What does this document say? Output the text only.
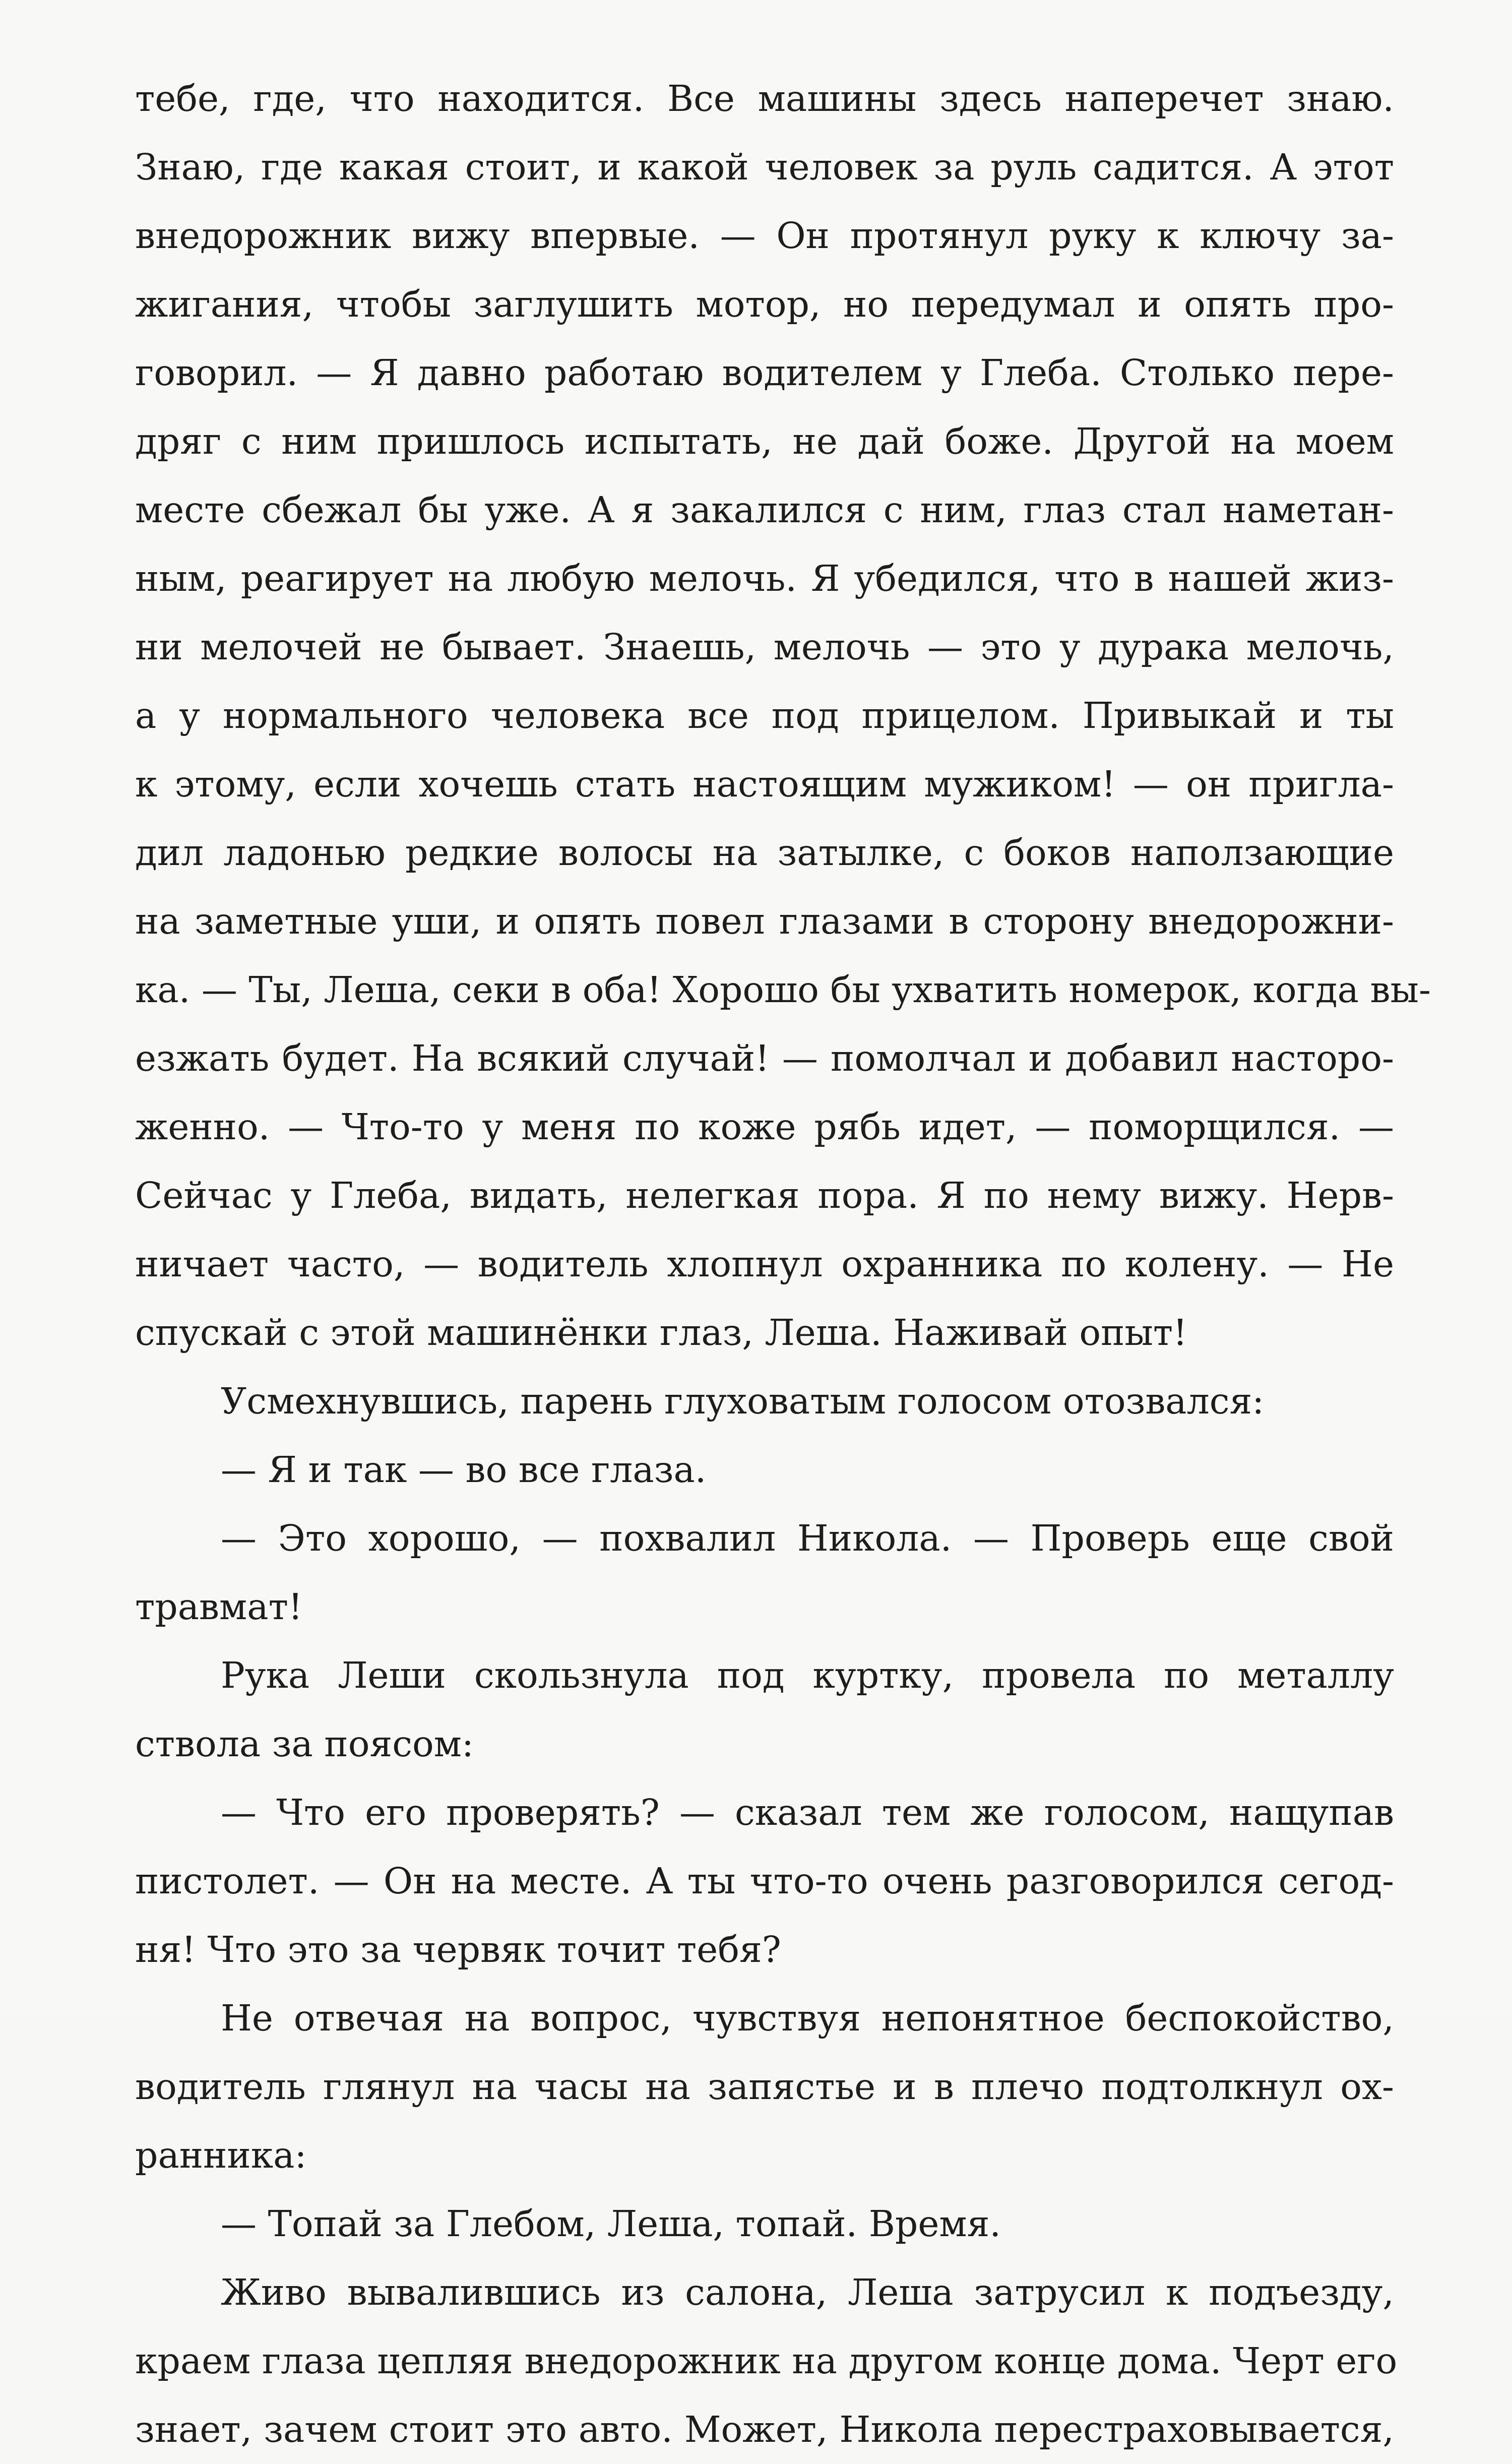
тебе, где, что находится. Все машины здесь наперечет знаю.
Знаю, где какая стоит, и какой человек за руль садится. А этот
внедорожник вижу впервые. — Он протянул руку к ключу за-
жигания, чтобы заглушить мотор, но передумал и опять про-
говорил. — Я давно работаю водителем у Глеба. Столько пере-
дряг с ним пришлось испытать, не дай боже. Другой на моем
месте сбежал бы уже. А я закалился с ним, глаз стал наметан-
ным, реагирует на любую мелочь. Я убедился, что в нашей жиз-
ни мелочей не бывает. Знаешь, мелочь — это у дурака мелочь,
а у нормального человека все под прицелом. Привыкай и ты
к этому, если хочешь стать настоящим мужиком! — он пригла-
дил ладонью редкие волосы на затылке, с боков наползающие
на заметные уши, и опять повел глазами в сторону внедорожни-
ка. — Ты, Леша, секи в оба! Хорошо бы ухватить номерок, когда вы-
езжать будет. На всякий случай! — помолчал и добавил насторо-
женно. — Что-то у меня по коже рябь идет, — поморщился. —
Сейчас у Глеба, видать, нелегкая пора. Я по нему вижу. Нерв-
ничает часто, — водитель хлопнул охранника по колену. — Не
спускай с этой машинёнки глаз, Леша. Наживай опыт!
Усмехнувшись, парень глуховатым голосом отозвался:
— Я и так — во все глаза.
— Это хорошо, — похвалил Никола. — Проверь еще свой
травмат!
Рука Леши скользнула под куртку, провела по металлу
ствола за поясом:
— Что его проверять? — сказал тем же голосом, нащупав
пистолет. — Он на месте. А ты что-то очень разговорился сегод-
ня! Что это за червяк точит тебя?
Не отвечая на вопрос, чувствуя непонятное беспокойство,
водитель глянул на часы на запястье и в плечо подтолкнул ох-
ранника:
— Топай за Глебом, Леша, топай. Время.
Живо вывалившись из салона, Леша затрусил к подъезду,
краем глаза цепляя внедорожник на другом конце дома. Черт его
знает, зачем стоит это авто. Может, Никола перестраховывается,
